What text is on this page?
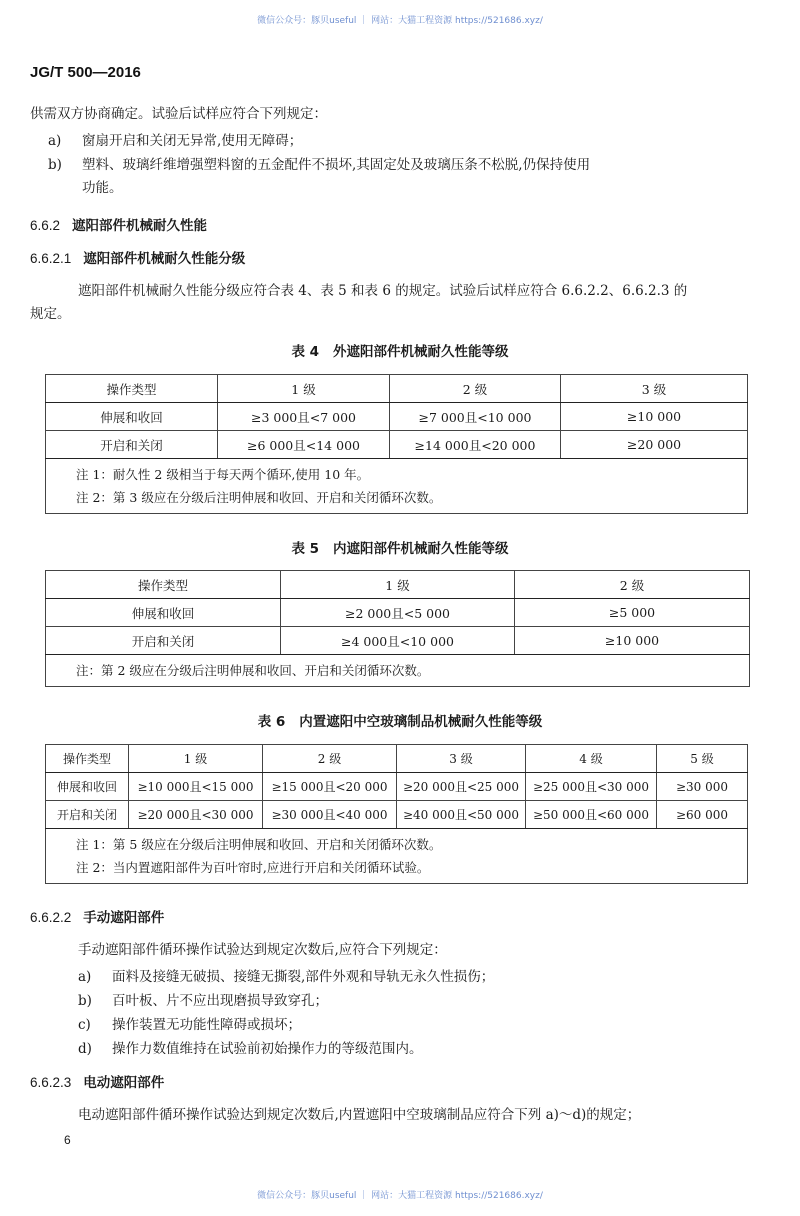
微信公众号：豚贝useful ｜ 网站：大猫工程资源 https://521686.xyz/
JG/T 500—2016
供需双方协商确定。试验后试样应符合下列规定：
a) 窗扇开启和关闭无异常,使用无障碍；
b) 塑料、玻璃纤维增强塑料窗的五金配件不损坏,其固定处及玻璃压条不松脱,仍保持使用
功能。
6.6.2 遮阳部件机械耐久性能
6.6.2.1 遮阳部件机械耐久性能分级
遮阳部件机械耐久性能分级应符合表 4、表 5 和表 6 的规定。试验后试样应符合 6.6.2.2、6.6.2.3 的
规定。
表 4 外遮阳部件机械耐久性能等级
操作类型	1 级	2 级	3 级
伸展和收回	≥3 000且<7 000	≥7 000且<10 000	≥10 000
开启和关闭	≥6 000且<14 000	≥14 000且<20 000	≥20 000

注 1：耐久性 2 级相当于每天两个循环,使用 10 年。
注 2：第 3 级应在分级后注明伸展和收回、开启和关闭循环次数。			
表 5 内遮阳部件机械耐久性能等级
操作类型	1 级	2 级
伸展和收回	≥2 000且<5 000	≥5 000
开启和关闭	≥4 000且<10 000	≥10 000

注：第 2 级应在分级后注明伸展和收回、开启和关闭循环次数。		
表 6 内置遮阳中空玻璃制品机械耐久性能等级
操作类型	1 级	2 级	3 级	4 级	5 级
伸展和收回	≥10 000且<15 000	≥15 000且<20 000	≥20 000且<25 000	≥25 000且<30 000	≥30 000
开启和关闭	≥20 000且<30 000	≥30 000且<40 000	≥40 000且<50 000	≥50 000且<60 000	≥60 000

注 1：第 5 级应在分级后注明伸展和收回、开启和关闭循环次数。
注 2：当内置遮阳部件为百叶帘时,应进行开启和关闭循环试验。					
6.6.2.2 手动遮阳部件
手动遮阳部件循环操作试验达到规定次数后,应符合下列规定：
a) 面料及接缝无破损、接缝无撕裂,部件外观和导轨无永久性损伤；
b) 百叶板、片不应出现磨损导致穿孔；
c) 操作装置无功能性障碍或损坏；
d) 操作力数值维持在试验前初始操作力的等级范围内。
6.6.2.3 电动遮阳部件
电动遮阳部件循环操作试验达到规定次数后,内置遮阳中空玻璃制品应符合下列 a)～d)的规定；
6
微信公众号：豚贝useful ｜ 网站：大猫工程资源 https://521686.xyz/
